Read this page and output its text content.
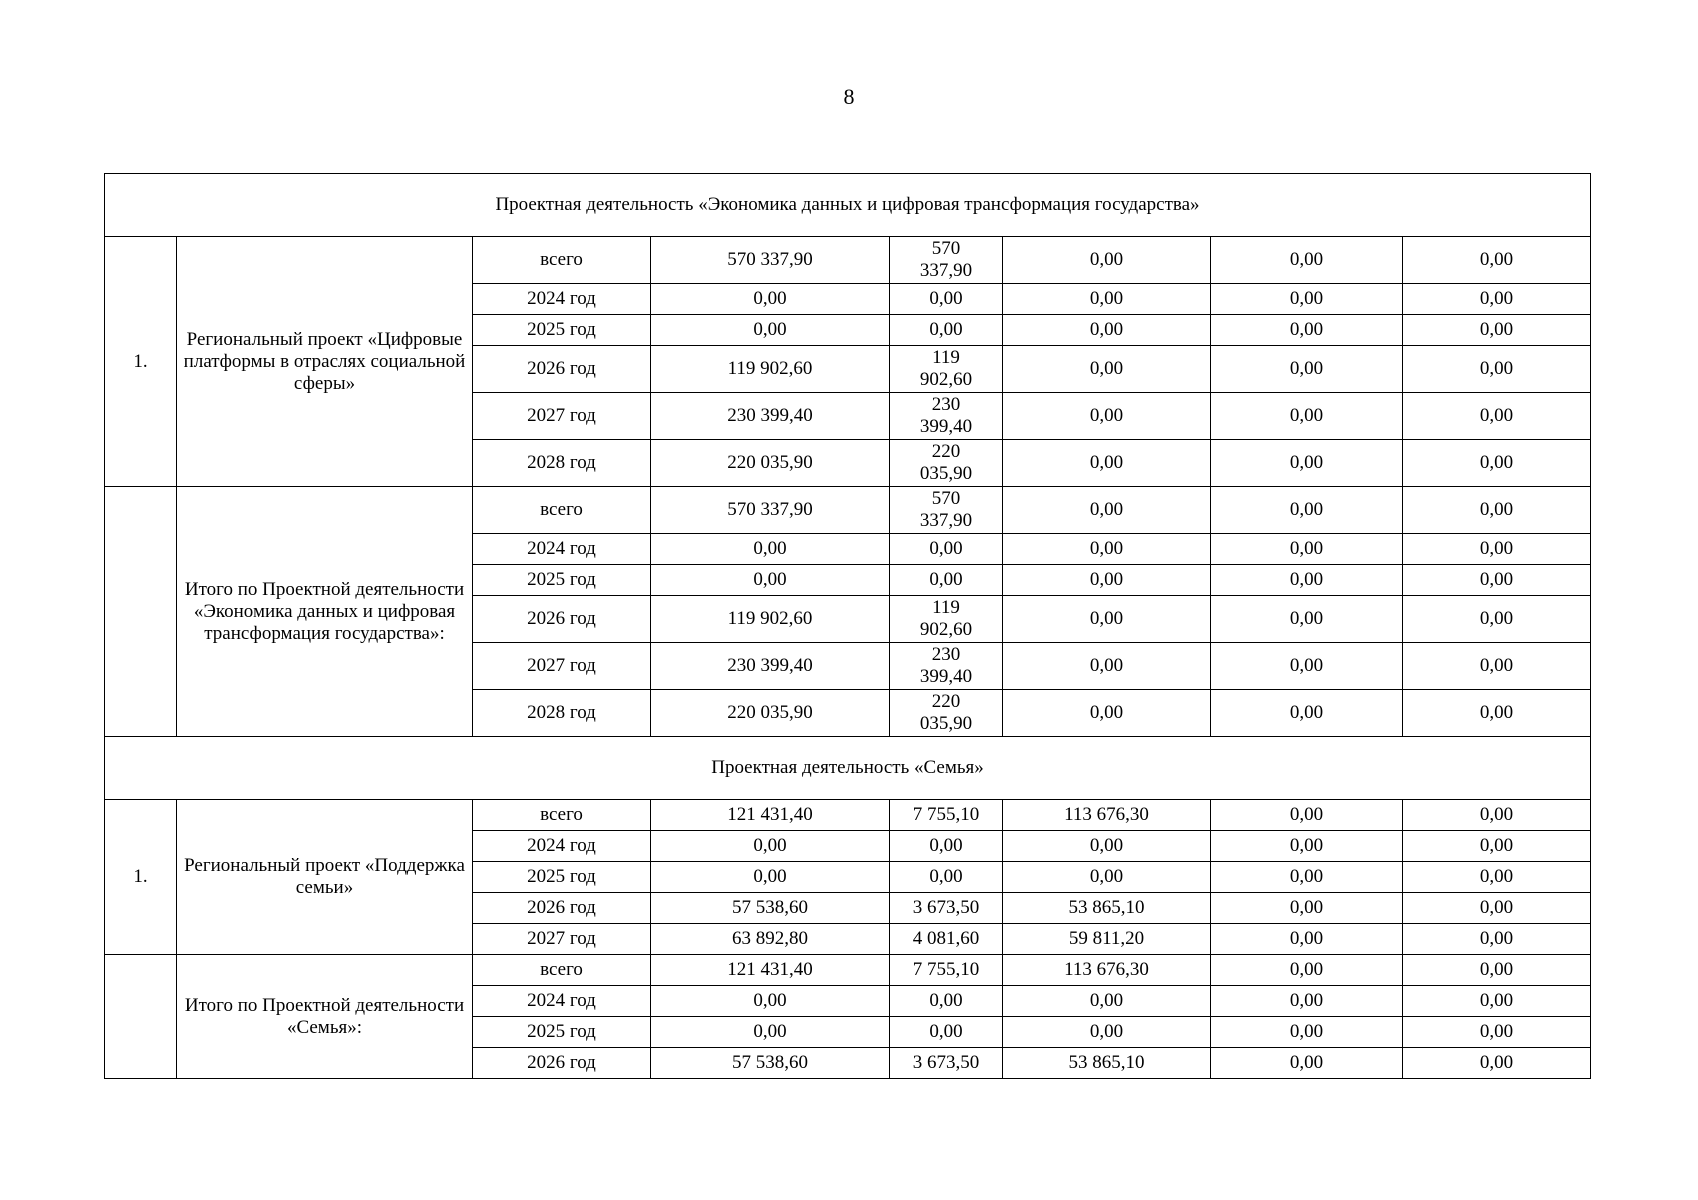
8
Проектная деятельность «Экономика данных и цифровая трансформация государства»							
1.	Региональный проект «Цифровые платформы в отраслях социальной сферы»	всего	570 337,90	570 337,90	0,00	0,00	0,00
		2024 год	0,00	0,00	0,00	0,00	0,00
		2025 год	0,00	0,00	0,00	0,00	0,00
		2026 год	119 902,60	119 902,60	0,00	0,00	0,00
		2027 год	230 399,40	230 399,40	0,00	0,00	0,00
		2028 год	220 035,90	220 035,90	0,00	0,00	0,00
	Итого по Проектной деятельности «Экономика данных и цифровая трансформация государства»:	всего	570 337,90	570 337,90	0,00	0,00	0,00
		2024 год	0,00	0,00	0,00	0,00	0,00
		2025 год	0,00	0,00	0,00	0,00	0,00
		2026 год	119 902,60	119 902,60	0,00	0,00	0,00
		2027 год	230 399,40	230 399,40	0,00	0,00	0,00
		2028 год	220 035,90	220 035,90	0,00	0,00	0,00
Проектная деятельность «Семья»							
1.	Региональный проект «Поддержка семьи»	всего	121 431,40	7 755,10	113 676,30	0,00	0,00
		2024 год	0,00	0,00	0,00	0,00	0,00
		2025 год	0,00	0,00	0,00	0,00	0,00
		2026 год	57 538,60	3 673,50	53 865,10	0,00	0,00
		2027 год	63 892,80	4 081,60	59 811,20	0,00	0,00
	Итого по Проектной деятельности «Семья»:	всего	121 431,40	7 755,10	113 676,30	0,00	0,00
		2024 год	0,00	0,00	0,00	0,00	0,00
		2025 год	0,00	0,00	0,00	0,00	0,00
		2026 год	57 538,60	3 673,50	53 865,10	0,00	0,00
